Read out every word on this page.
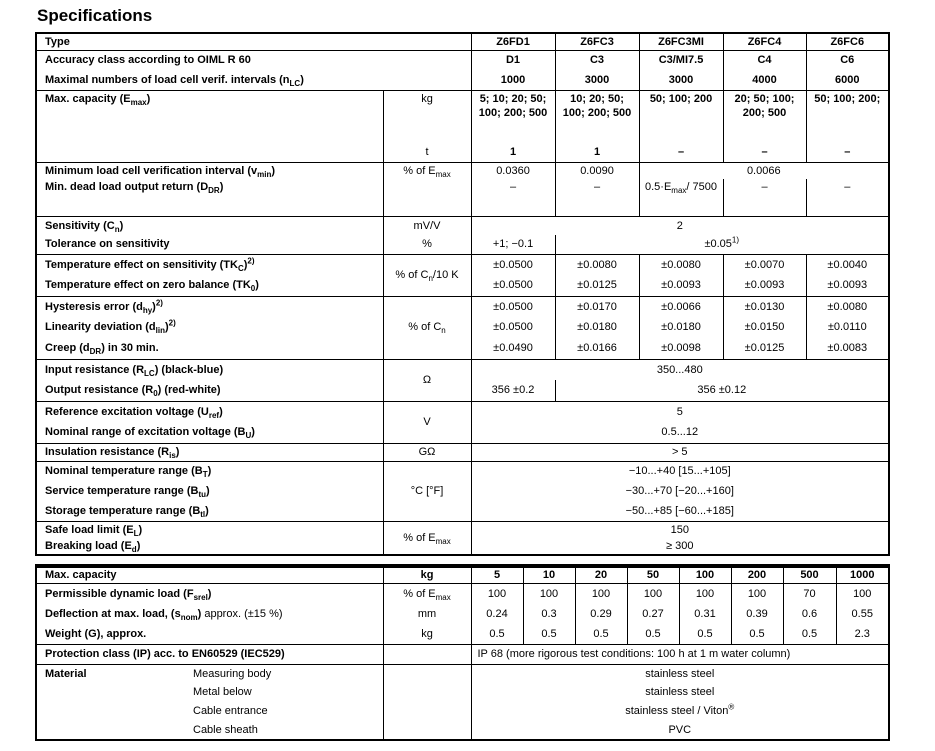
Specifications
Type		Z6FD1	Z6FC3	Z6FC3MI	Z6FC4	Z6FC6
Accuracy class according to OIML R 60		D1	C3	C3/MI7.5	C4	C6
Maximal numbers of load cell verif. intervals $(n_{LC})$		1000	3000	3000	4000	6000
Max. capacity $(E_{max})$	kg	5; 10; 20; 50; 100; 200; 500	10; 20; 50; 100; 200; 500	50; 100; 200	20; 50; 100; 200; 500	50; 100; 200;
	t	1	1	–	–	–
Minimum load cell verification interval $(v_{min})$	% of $E_{max}$	0.0360	0.0090	0.0066		
Min. dead load output return $(D_{DR})$		–	–	$0.5\cdot E_{max}/$ 7500	–	–
Sensitivity $(C_n)$	mV/V	2				
Tolerance on sensitivity	%	+1; −0.1	$\pm 0.05^{1)}$
Temperature effect on sensitivity $(TK_C)^{2)}$	% of $C_n/10$ K	±0.0500	±0.0080	±0.0080	±0.0070	±0.0040
Temperature effect on zero balance $(TK_0)$		±0.0500	±0.0125	±0.0093	±0.0093	±0.0093
Hysteresis error $(d_{hy})^{2)}$	% of $C_n$	±0.0500	±0.0170	±0.0066	±0.0130	±0.0080
Linearity deviation $(d_{lin})^{2)}$		±0.0500	±0.0180	±0.0180	±0.0150	±0.0110
Creep $(d_{DR})$ in 30 min.		±0.0490	±0.0166	±0.0098	±0.0125	±0.0083
Input resistance $(R_{LC})$ (black-blue)	Ω	350...480				
Output resistance $(R_0)$ (red-white)		356 ±0.2	356 ±0.12			
Reference excitation voltage $(U_{ref})$	V	5				
Nominal range of excitation voltage $(B_U)$		0.5...12				
Insulation resistance $(R_{is})$	GΩ	> 5				
Nominal temperature range $(B_T)$	°C [°F]	−10...+40 [15...+105]				
Service temperature range $(B_{tu})$		−30...+70 [−20...+160]				
Storage temperature range $(B_{tl})$		−50...+85 [−60...+185]				
Safe load limit $(E_L)$	% of $E_{max}$	150				
Breaking load $(E_d)$		≥ 300				
Max. capacity	kg	5	10	20	50	100	200	500	1000
Permissible dynamic load $(F_{srel})$	% of $E_{max}$	100	100	100	100	100	100	70	100
Deflection at max. load, $(s_{nom})$ approx. (±15 %)	mm	0.24	0.3	0.29	0.27	0.31	0.39	0.6	0.55
Weight (G), approx.	kg	0.5	0.5	0.5	0.5	0.5	0.5	0.5	2.3
Protection class (IP) acc. to EN60529 (IEC529)		IP 68 (more rigorous test conditions: 100 h at 1 m water column)							
Material Measuring body		stainless steel							
Metal below		stainless steel							
Cable entrance		stainless steel / Viton®
Cable sheath		PVC							
